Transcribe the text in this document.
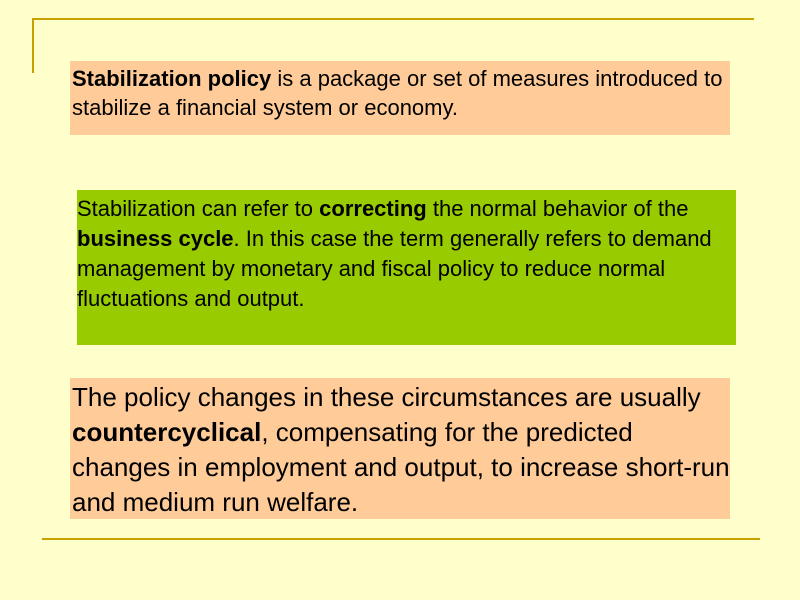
Stabilization policy is a package or set of measures introduced to stabilize a financial system or economy.

Stabilization can refer to correcting the normal behavior of the business cycle. In this case the term generally refers to demand management by monetary and fiscal policy to reduce normal fluctuations and output.

The policy changes in these circumstances are usually countercyclical, compensating for the predicted changes in employment and output, to increase short-run and medium run welfare.
